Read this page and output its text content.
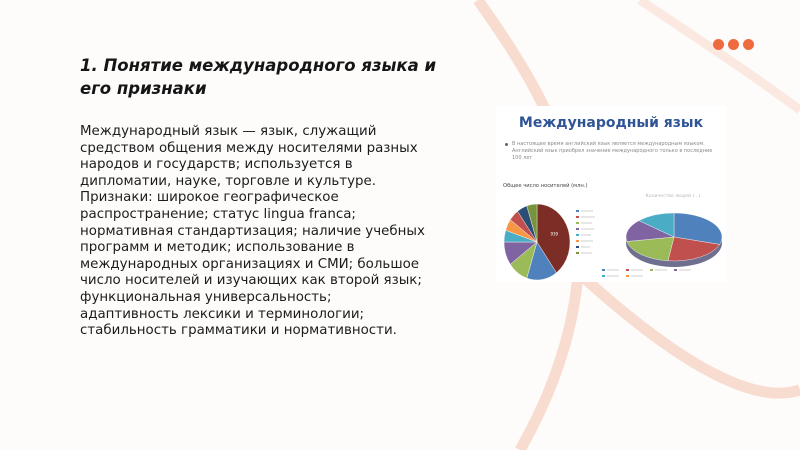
1. Понятие международного языка и его признаки

Международный язык — язык, служащий средством общения между носителями разных народов и государств; используется в дипломатии, науке, торговле и культуре. Признаки: широкое географическое распространение; статус lingua franca; нормативная стандартизация; наличие учебных программ и методик; использование в международных организациях и СМИ; большое число носителей и изучающих как второй язык; функциональная универсальность; адаптивность лексики и терминологии; стабильность грамматики и нормативности.

Международный язык
В настоящее время английский язык является международным языком. Английский язык приобрел значение международного только в последние 100 лет
Общее число носителей (млн.)
Количество людей (...)
939
